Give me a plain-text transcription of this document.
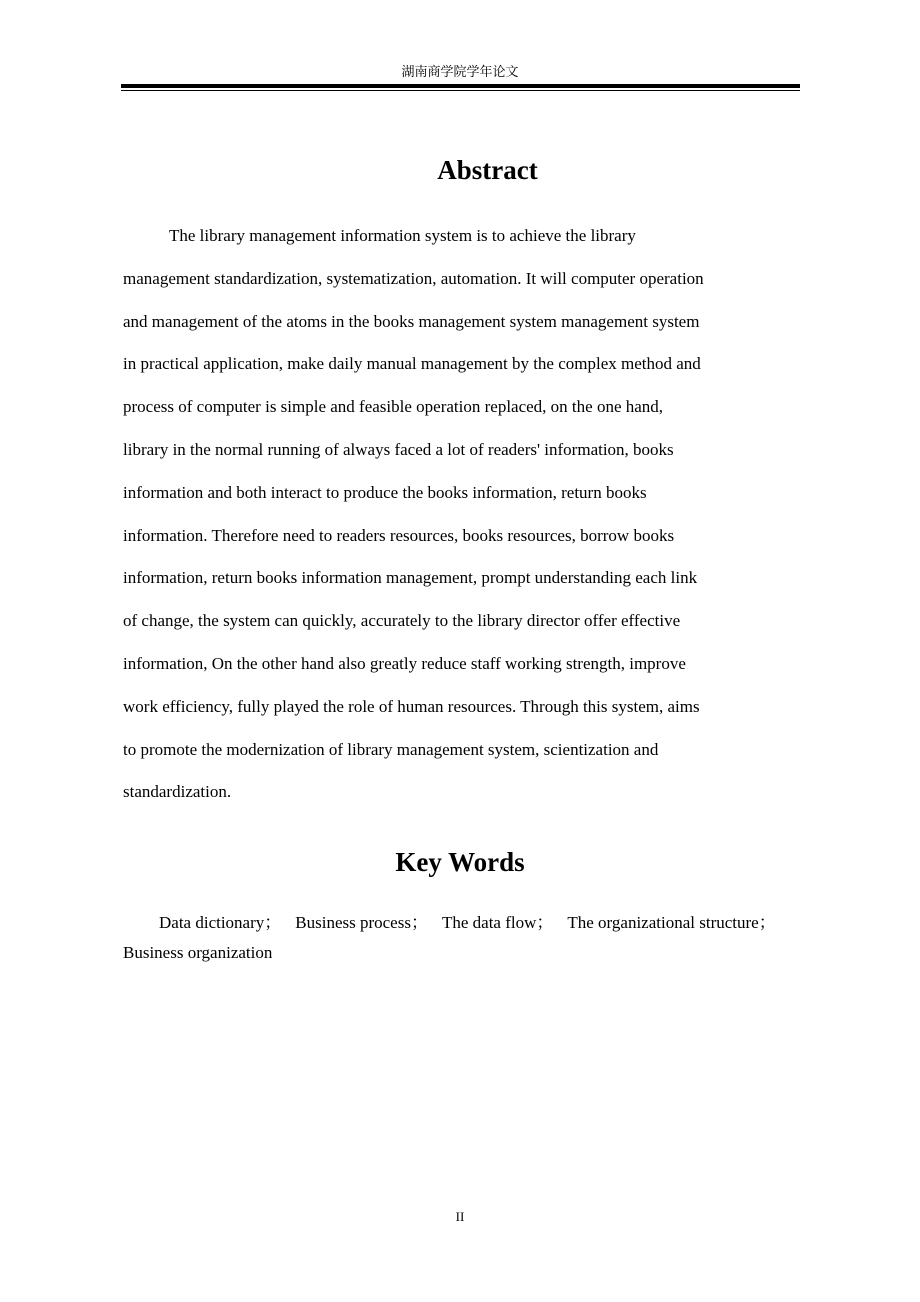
湖南商学院学年论文
Abstract
The library management information system is to achieve the library
management standardization, systematization, automation. It will computer operation
and management of the atoms in the books management system management system
in practical application, make daily manual management by the complex method and
process of computer is simple and feasible operation replaced, on the one hand,
library in the normal running of always faced a lot of readers' information, books
information and both interact to produce the books information, return books
information. Therefore need to readers resources, books resources, borrow books
information, return books information management, prompt understanding each link
of change, the system can quickly, accurately to the library director offer effective
information, On the other hand also greatly reduce staff working strength, improve
work efficiency, fully played the role of human resources. Through this system, aims
to promote the modernization of library management system, scientization and
standardization.
Key Words
Data dictionary； Business process； The data flow； The organizational structure；
Business organization
II
